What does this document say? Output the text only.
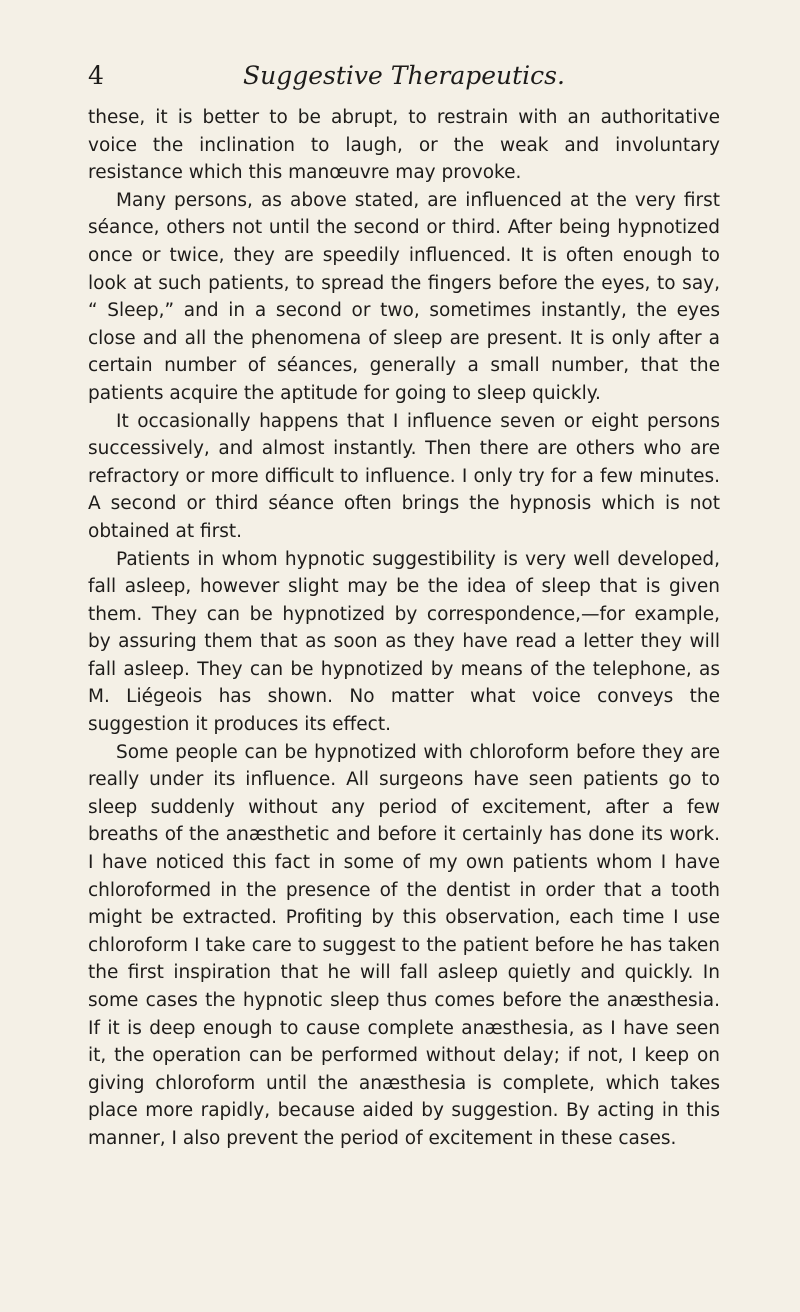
4	Suggestive Therapeutics.

these, it is better to be abrupt, to restrain with an authoritative voice the inclination to laugh, or the weak and involuntary resistance which this manœuvre may provoke.

Many persons, as above stated, are influenced at the very first séance, others not until the second or third. After being hypnotized once or twice, they are speedily influenced. It is often enough to look at such patients, to spread the fingers before the eyes, to say, “ Sleep,” and in a second or two, sometimes instantly, the eyes close and all the phenomena of sleep are present. It is only after a certain number of séances, generally a small number, that the patients acquire the aptitude for going to sleep quickly.

It occasionally happens that I influence seven or eight persons successively, and almost instantly. Then there are others who are refractory or more difficult to influence. I only try for a few minutes. A second or third séance often brings the hypnosis which is not obtained at first.

Patients in whom hypnotic suggestibility is very well developed, fall asleep, however slight may be the idea of sleep that is given them. They can be hypnotized by correspondence,—for example, by assuring them that as soon as they have read a letter they will fall asleep. They can be hypnotized by means of the telephone, as M. Liégeois has shown. No matter what voice conveys the suggestion it produces its effect.

Some people can be hypnotized with chloroform before they are really under its influence. All surgeons have seen patients go to sleep suddenly without any period of excitement, after a few breaths of the anæsthetic and before it certainly has done its work. I have noticed this fact in some of my own patients whom I have chloroformed in the presence of the dentist in order that a tooth might be extracted. Profiting by this observation, each time I use chloroform I take care to suggest to the patient before he has taken the first inspiration that he will fall asleep quietly and quickly. In some cases the hypnotic sleep thus comes before the anæsthesia. If it is deep enough to cause complete anæsthesia, as I have seen it, the operation can be performed without delay; if not, I keep on giving chloroform until the anæsthesia is complete, which takes place more rapidly, because aided by suggestion. By acting in this manner, I also prevent the period of excitement in these cases.
